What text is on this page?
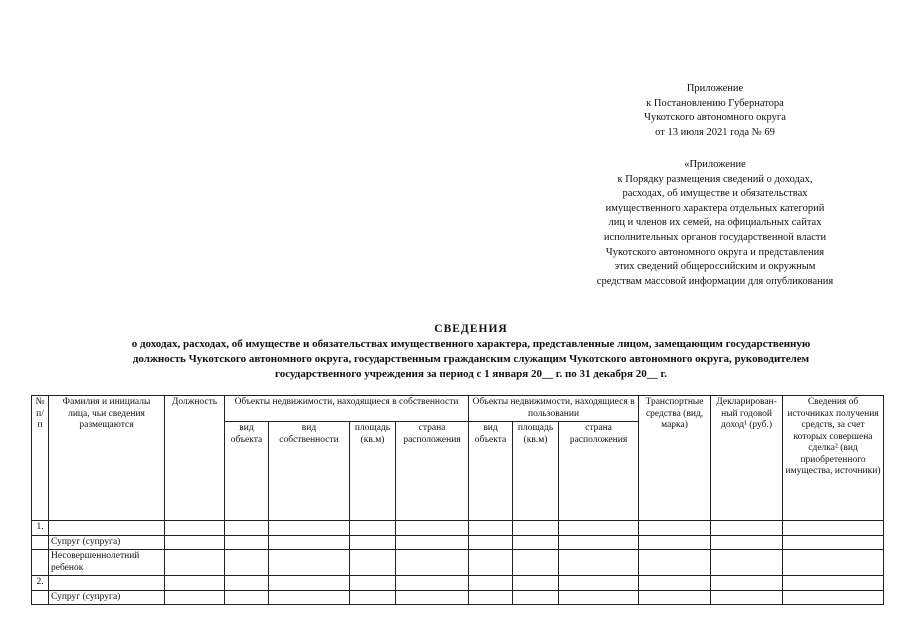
Приложение
к Постановлению Губернатора
Чукотского автономного округа
от 13 июля 2021 года № 69
«Приложение
к Порядку размещения сведений о доходах,
расходах, об имуществе и обязательствах
имущественного характера отдельных категорий
лиц и членов их семей, на официальных сайтах
исполнительных органов государственной власти
Чукотского автономного округа и представления
этих сведений общероссийским и окружным
средствам массовой информации для опубликования
СВЕДЕНИЯ
о доходах, расходах, об имуществе и обязательствах имущественного характера, представленные лицом, замещающим государственную
должность Чукотского автономного округа, государственным гражданским служащим Чукотского автономного округа, руководителем
государственного учреждения за период с 1 января 20__ г. по 31 декабря 20__ г.
№ п/п	Фамилия и инициалы лица, чьи сведения размещаются	Должность	Объекты недвижимости, находящиеся в собственности				Объекты недвижимости, находящиеся в пользовании			Транспортные средства (вид, марка)	Декларирован-ный годовой доход¹ (руб.)	Сведения об источниках получения средств, за счет которых совершена сделка² (вид приобретенного имущества, источники)
			вид объекта	вид собственности	площадь (кв.м)	страна расположения	вид объекта	площадь (кв.м)	страна расположения			
1.												
	Супруг (супруга)											
	Несовершеннолетний ребенок											
2.												
	Супруг (супруга)											
